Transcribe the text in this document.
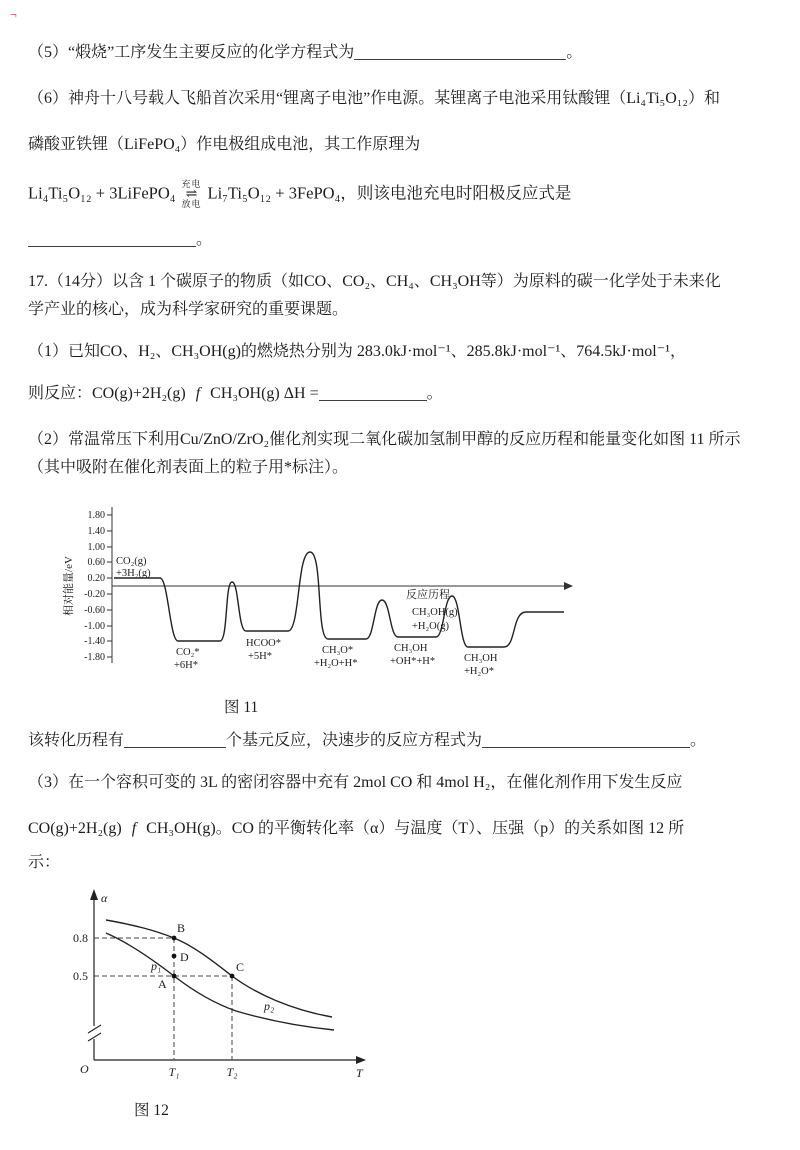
¬

（5）“煅烧”工序发生主要反应的化学方程式为	。

（6）神舟十八号载人飞船首次采用“锂离子电池”作电源。某锂离子电池采用钛酸锂（Li₄Ti₅O₁₂）和

磷酸亚铁锂（LiFePO₄）作电极组成电池，其工作原理为

Li₄Ti₅O₁₂ + 3LiFePO₄ 充电
⇌
放电
Li₇Ti₅O₁₂ + 3FePO₄，则该电池充电时阳极反应式是

。

17.（14分）以含 1 个碳原子的物质（如CO、CO₂、CH₄、CH₃OH等）为原料的碳一化学处于未来化

学产业的核心，成为科学家研究的重要课题。

（1）已知CO、H₂、CH₃OH(g)的燃烧热分别为 283.0kJ·mol⁻¹、285.8kJ·mol⁻¹、764.5kJ·mol⁻¹，

则反应：CO(g)+2H₂(g) f CH₃OH(g) ΔH =	。

（2）常温常压下利用Cu/ZnO/ZrO₂催化剂实现二氧化碳加氢制甲醇的反应历程和能量变化如图 11 所示

（其中吸附在催化剂表面上的粒子用*标注）。

1.80
1.40
1.00
0.60
0.20
-0.20
-0.60
-1.00
-1.40
-1.80
相对能量/eV	反应历程
CO₂(g)
+3H₂(g)
CO₂*
+6H*
HCOO*
+5H*
CH₃O*
+H₂O+H*
CH₃OH
+OH*+H*	CH₃OH
+H₂O*
CH₃OH(g)
+H₂O(g)
图 11

该转化历程有	个基元反应，决速步的反应方程式为	。

（3）在一个容积可变的 3L 的密闭容器中充有 2mol CO 和 4mol H₂，在催化剂作用下发生反应

CO(g)+2H₂(g) f CH₃OH(g)。CO 的平衡转化率（α）与温度（T）、压强（p）的关系如图 12 所

示：

α
T
O
0.8
0.5
T₁	T₂
B
D
A
C
p₁
p₂
图 12
